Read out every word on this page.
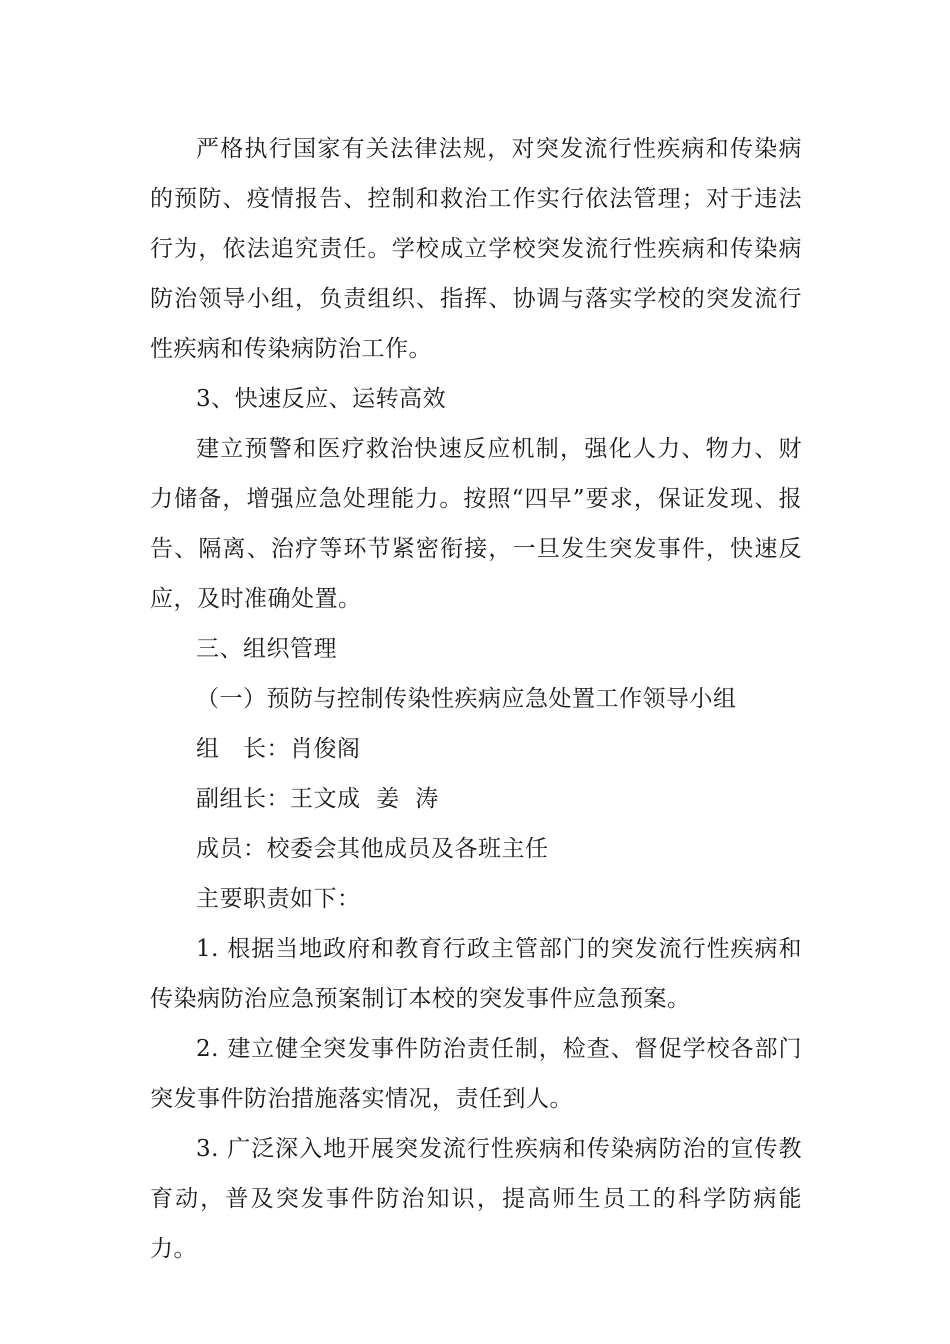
严格执行国家有关法律法规，对突发流行性疾病和传染病的预防、疫情报告、控制和救治工作实行依法管理；对于违法行为，依法追究责任。学校成立学校突发流行性疾病和传染病防治领导小组，负责组织、指挥、协调与落实学校的突发流行性疾病和传染病防治工作。

3、快速反应、运转高效

建立预警和医疗救治快速反应机制，强化人力、物力、财力储备，增强应急处理能力。按照“四早”要求，保证发现、报告、隔离、治疗等环节紧密衔接，一旦发生突发事件，快速反应，及时准确处置。

三、组织管理

（一）预防与控制传染性疾病应急处置工作领导小组

组　长：肖俊阁

副组长：王文成  姜  涛

成员：校委会其他成员及各班主任

主要职责如下：

1. 根据当地政府和教育行政主管部门的突发流行性疾病和传染病防治应急预案制订本校的突发事件应急预案。

2. 建立健全突发事件防治责任制，检查、督促学校各部门突发事件防治措施落实情况，责任到人。

3. 广泛深入地开展突发流行性疾病和传染病防治的宣传教育动，普及突发事件防治知识，提高师生员工的科学防病能力。
